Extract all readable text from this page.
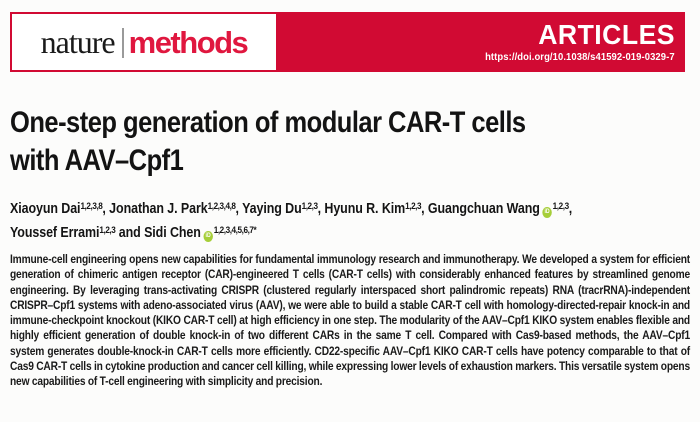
nature methods	ARTICLES
https://doi.org/10.1038/s41592-019-0329-7
One-step generation of modular CAR-T cells
with AAV–Cpf1
Xiaoyun Dai$^{1,2,3,8}$, Jonathan J. Park$^{1,2,3,4,8}$, Yaying Du$^{1,2,3}$, Hyunu R. Kim$^{1,2,3}$, Guangchuan Wang iD$^{1,2,3}$,
Youssef Errami$^{1,2,3}$ and Sidi Chen $iD^{1,2,3,4,5,6,7*}$

Immune-cell engineering opens new capabilities for fundamental immunology research and immunotherapy. We developed a system for efficient generation of chimeric antigen receptor (CAR)-engineered T cells (CAR-T cells) with considerably enhanced features by streamlined genome engineering. By leveraging trans-activating CRISPR (clustered regularly interspaced short palindromic repeats) RNA (tracrRNA)-independent CRISPR–Cpf1 systems with adeno-associated virus (AAV), we were able to build a stable CAR-T cell with homology-directed-repair knock-in and immune-checkpoint knockout (KIKO CAR-T cell) at high efficiency in one step. The modularity of the AAV–Cpf1 KIKO system enables flexible and highly efficient generation of double knock-in of two different CARs in the same T cell. Compared with Cas9-based methods, the AAV–Cpf1 system generates double-knock-in CAR-T cells more efficiently. CD22-specific AAV–Cpf1 KIKO CAR-T cells have potency comparable to that of Cas9 CAR-T cells in cytokine production and cancer cell killing, while expressing lower levels of exhaustion markers. This versatile system opens new capabilities of T-cell engineering with simplicity and precision.
